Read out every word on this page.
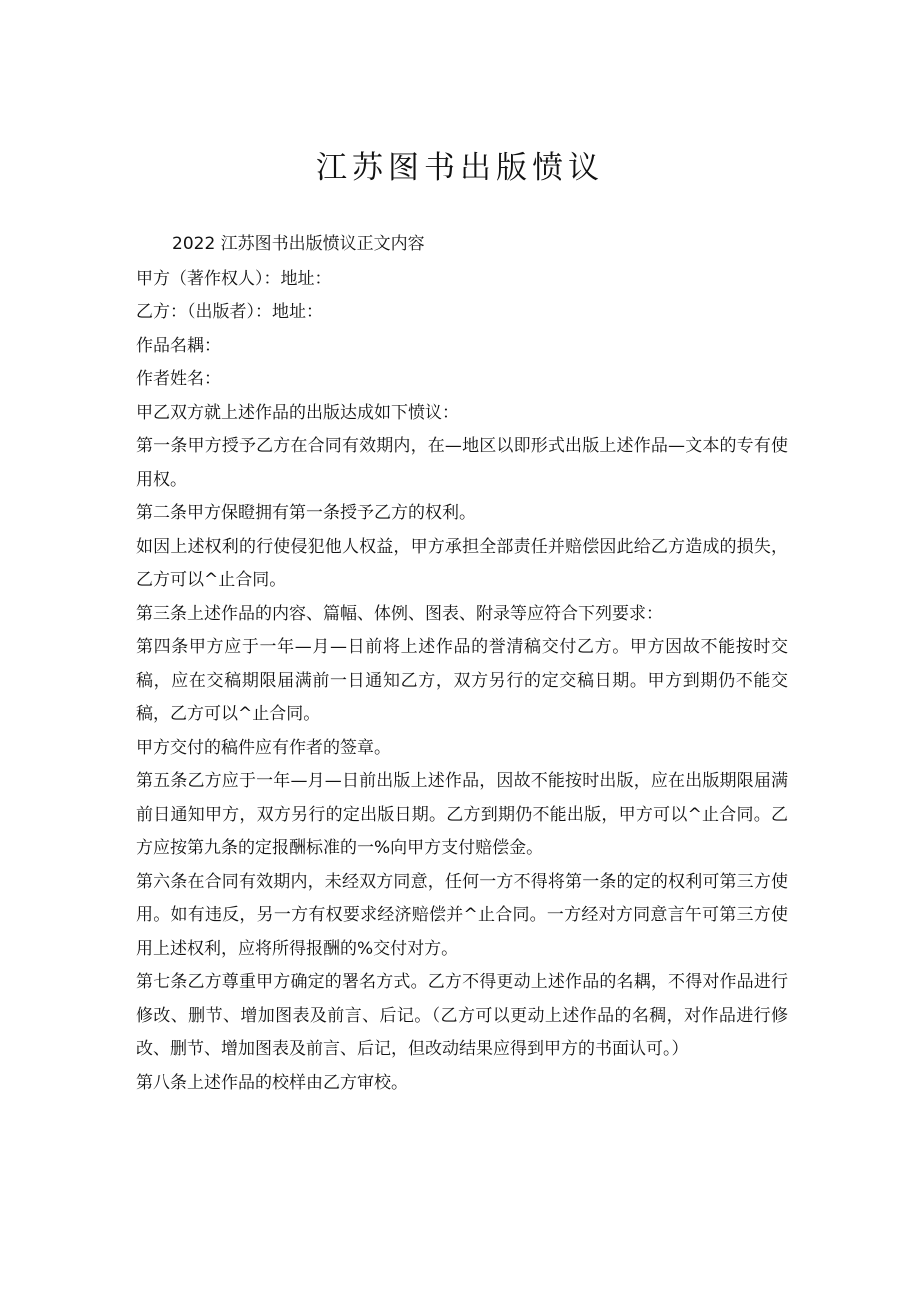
江苏图书出版愤议

2022 江苏图书出版愤议正文内容

甲方（著作权人）：地址：

乙方：（出版者）：地址：

作品名耦：

作者姓名：

甲乙双方就上述作品的出版达成如下愤议：

第一条甲方授予乙方在合同有效期内，在—地区以即形式出版上述作品—文本的专有使用权。

第二条甲方保瞪拥有第一条授予乙方的权利。

如因上述权利的行使侵犯他人权益，甲方承担全部责任并赔偿因此给乙方造成的损失，乙方可以^止合同。

第三条上述作品的内容、篇幅、体例、图表、附录等应符合下列要求：

第四条甲方应于一年—月—日前将上述作品的誉清稿交付乙方。甲方因故不能按时交稿，应在交稿期限届满前一日通知乙方，双方另行的定交稿日期。甲方到期仍不能交稿，乙方可以^止合同。

甲方交付的稿件应有作者的签章。

第五条乙方应于一年—月—日前出版上述作品，因故不能按时出版，应在出版期限届满前日通知甲方，双方另行的定出版日期。乙方到期仍不能出版，甲方可以^止合同。乙方应按第九条的定报酬标准的一%向甲方支付赔偿金。

第六条在合同有效期内，未经双方同意，任何一方不得将第一条的定的权利可第三方使用。如有违反，另一方有权要求经济赔偿并^止合同。一方经对方同意言午可第三方使用上述权利，应将所得报酬的%交付对方。

第七条乙方尊重甲方确定的署名方式。乙方不得更动上述作品的名耦，不得对作品进行修改、删节、增加图表及前言、后记。（乙方可以更动上述作品的名稠，对作品进行修改、删节、增加图表及前言、后记，但改动结果应得到甲方的书面认可。）

第八条上述作品的校样由乙方审校。
